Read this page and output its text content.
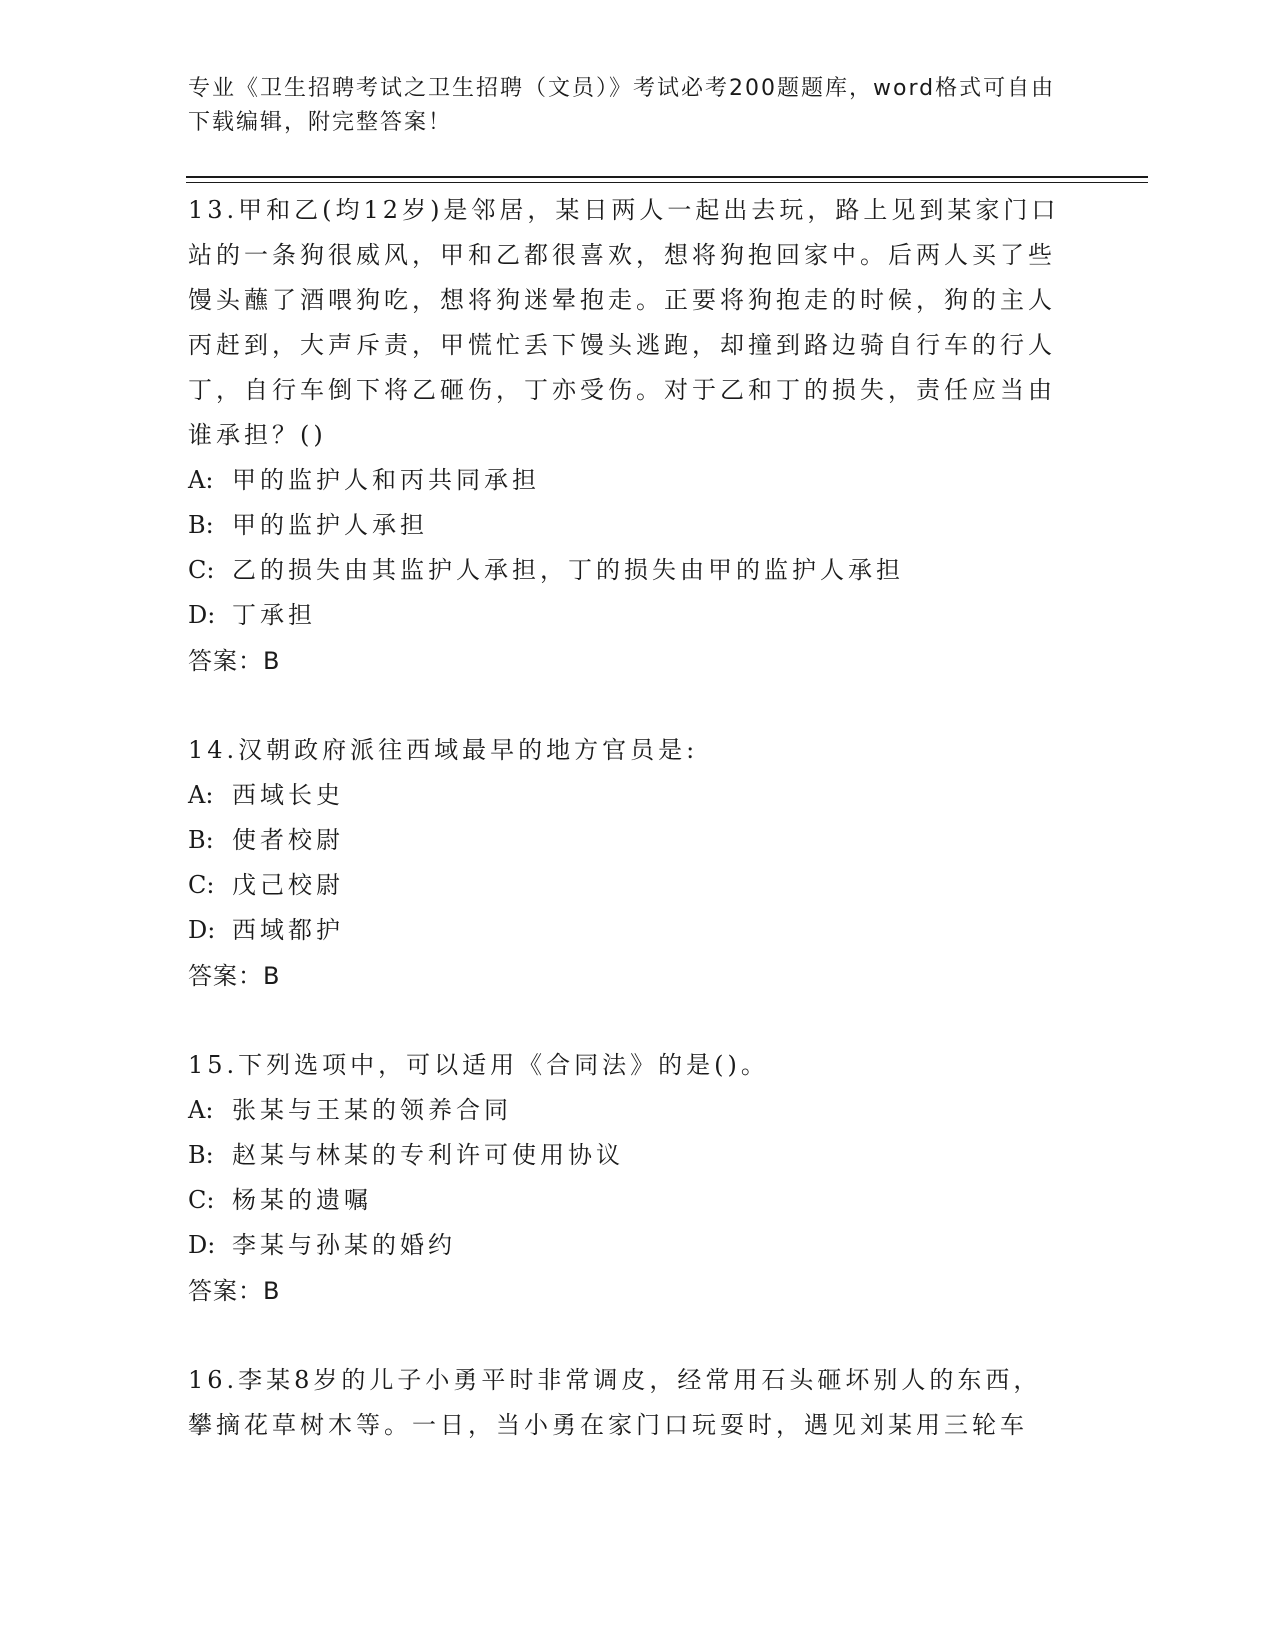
专业《卫生招聘考试之卫生招聘（文员）》考试必考200题题库，word格式可自由下载编辑，附完整答案！

13.甲和乙(均12岁)是邻居，某日两人一起出去玩，路上见到某家门口站的一条狗很威风，甲和乙都很喜欢，想将狗抱回家中。后两人买了些馒头蘸了酒喂狗吃，想将狗迷晕抱走。正要将狗抱走的时候，狗的主人丙赶到，大声斥责，甲慌忙丢下馒头逃跑，却撞到路边骑自行车的行人丁，自行车倒下将乙砸伤，丁亦受伤。对于乙和丁的损失，责任应当由谁承担？()

A: 甲的监护人和丙共同承担

B: 甲的监护人承担

C: 乙的损失由其监护人承担，丁的损失由甲的监护人承担

D: 丁承担

答案：B

14.汉朝政府派往西域最早的地方官员是:

A: 西域长史

B: 使者校尉

C: 戊己校尉

D: 西域都护

答案：B

15.下列选项中，可以适用《合同法》的是()。

A: 张某与王某的领养合同

B: 赵某与林某的专利许可使用协议

C: 杨某的遗嘱

D: 李某与孙某的婚约

答案：B

16.李某8岁的儿子小勇平时非常调皮，经常用石头砸坏别人的东西，攀摘花草树木等。一日，当小勇在家门口玩耍时，遇见刘某用三轮车
